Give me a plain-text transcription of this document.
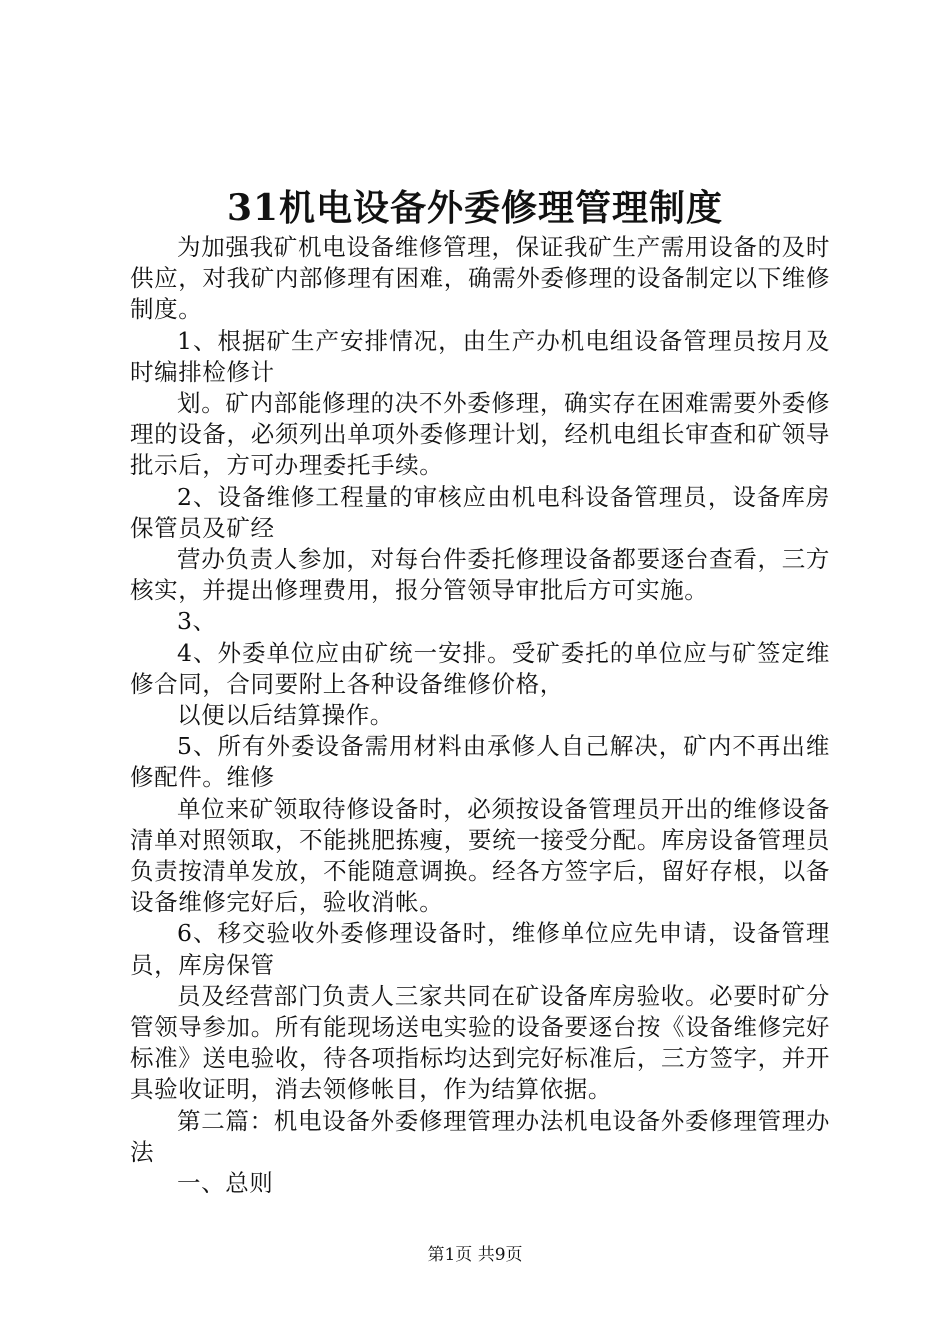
31机电设备外委修理管理制度

为加强我矿机电设备维修管理，保证我矿生产需用设备的及时供应，对我矿内部修理有困难，确需外委修理的设备制定以下维修制度。

1、根据矿生产安排情况，由生产办机电组设备管理员按月及时编排检修计

划。矿内部能修理的决不外委修理，确实存在困难需要外委修理的设备，必须列出单项外委修理计划，经机电组长审查和矿领导批示后，方可办理委托手续。

2、设备维修工程量的审核应由机电科设备管理员，设备库房保管员及矿经

营办负责人参加，对每台件委托修理设备都要逐台查看，三方核实，并提出修理费用，报分管领导审批后方可实施。

3、

4、外委单位应由矿统一安排。受矿委托的单位应与矿签定维修合同，合同要附上各种设备维修价格，

以便以后结算操作。

5、所有外委设备需用材料由承修人自己解决，矿内不再出维修配件。维修

单位来矿领取待修设备时，必须按设备管理员开出的维修设备清单对照领取，不能挑肥拣瘦，要统一接受分配。库房设备管理员负责按清单发放，不能随意调换。经各方签字后，留好存根，以备设备维修完好后，验收消帐。

6、移交验收外委修理设备时，维修单位应先申请，设备管理员，库房保管

员及经营部门负责人三家共同在矿设备库房验收。必要时矿分管领导参加。所有能现场送电实验的设备要逐台按《设备维修完好标准》送电验收，待各项指标均达到完好标准后，三方签字，并开具验收证明，消去领修帐目，作为结算依据。

第二篇：机电设备外委修理管理办法机电设备外委修理管理办法

一、总则

第1页 共9页
